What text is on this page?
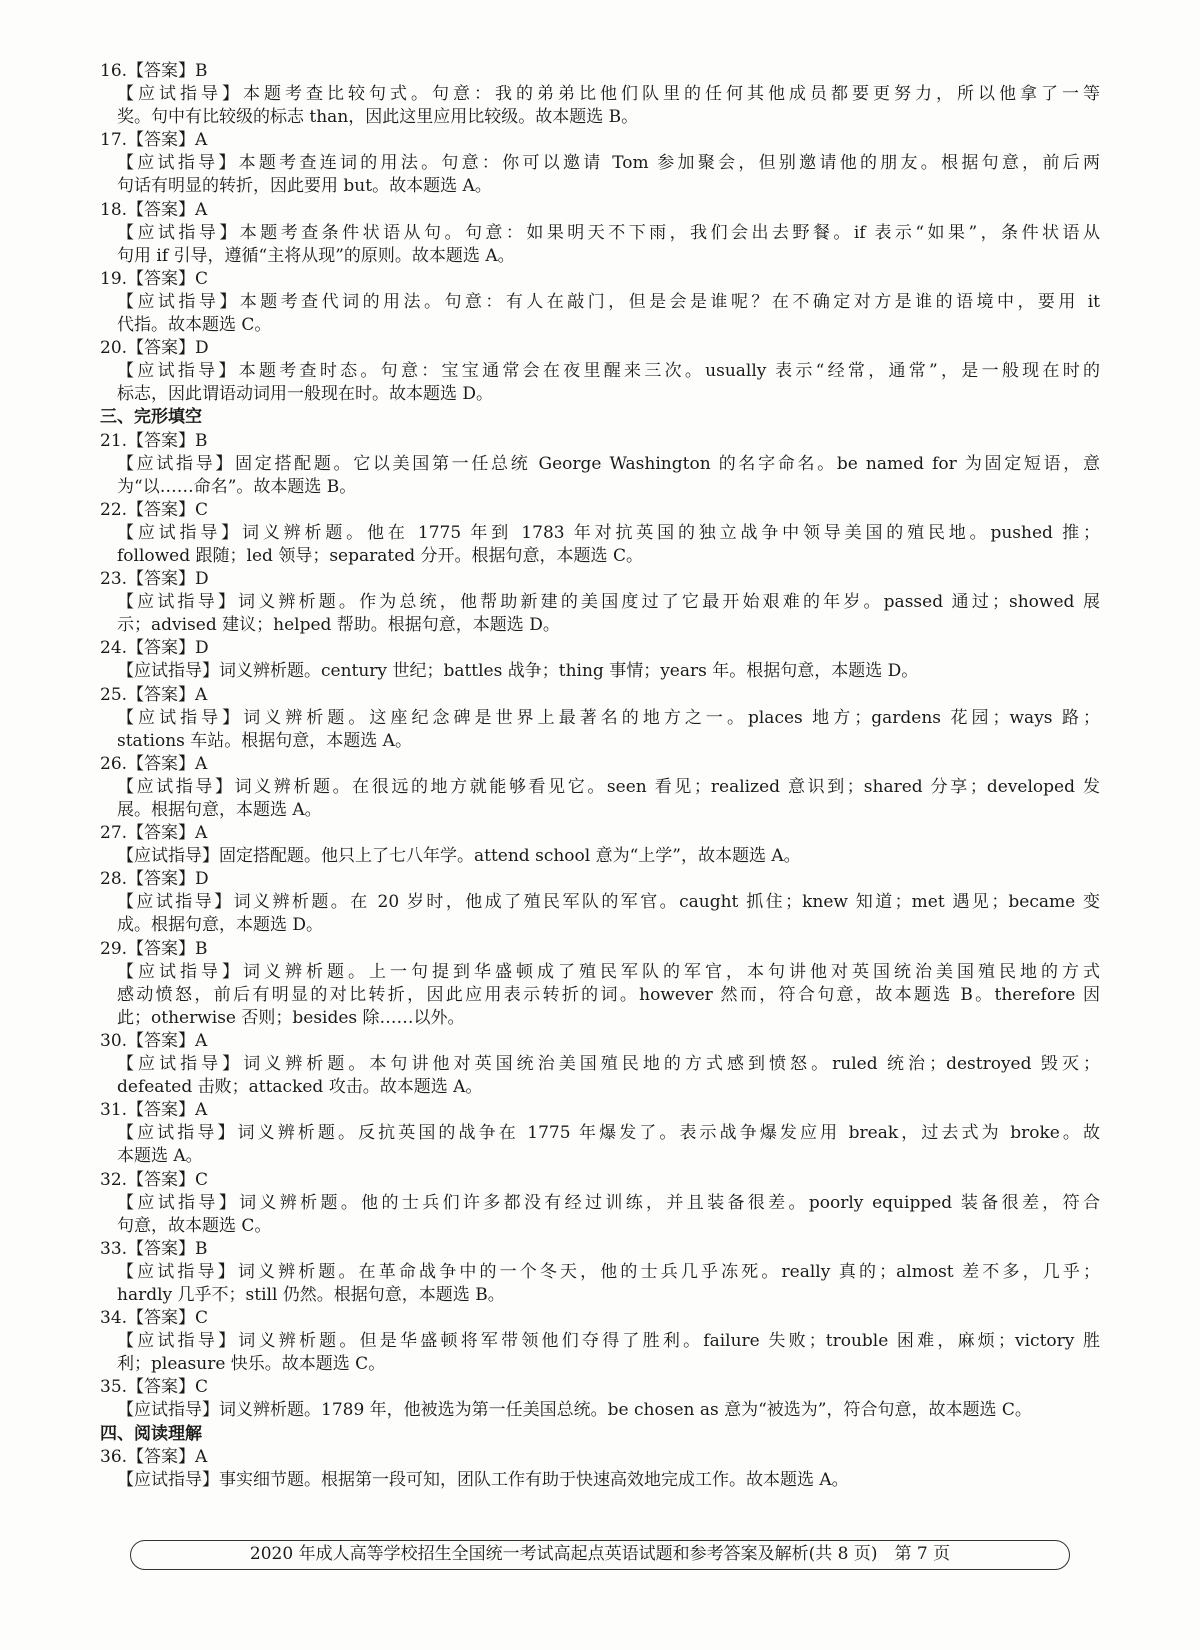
16.【答案】B
【应试指导】本题考查比较句式。句意：我的弟弟比他们队里的任何其他成员都要更努力，所以他拿了一等
奖。句中有比较级的标志 than，因此这里应用比较级。故本题选 B。
17.【答案】A
【应试指导】本题考查连词的用法。句意：你可以邀请 Tom 参加聚会，但别邀请他的朋友。根据句意，前后两
句话有明显的转折，因此要用 but。故本题选 A。
18.【答案】A
【应试指导】本题考查条件状语从句。句意：如果明天不下雨，我们会出去野餐。if 表示“如果”，条件状语从
句用 if 引导，遵循“主将从现”的原则。故本题选 A。
19.【答案】C
【应试指导】本题考查代词的用法。句意：有人在敲门，但是会是谁呢？在不确定对方是谁的语境中，要用 it
代指。故本题选 C。
20.【答案】D
【应试指导】本题考查时态。句意：宝宝通常会在夜里醒来三次。usually 表示“经常，通常”，是一般现在时的
标志，因此谓语动词用一般现在时。故本题选 D。
三、完形填空
21.【答案】B
【应试指导】固定搭配题。它以美国第一任总统 George Washington 的名字命名。be named for 为固定短语，意
为“以……命名”。故本题选 B。
22.【答案】C
【应试指导】词义辨析题。他在 1775 年到 1783 年对抗英国的独立战争中领导美国的殖民地。pushed 推；
followed 跟随；led 领导；separated 分开。根据句意，本题选 C。
23.【答案】D
【应试指导】词义辨析题。作为总统，他帮助新建的美国度过了它最开始艰难的年岁。passed 通过；showed 展
示；advised 建议；helped 帮助。根据句意，本题选 D。
24.【答案】D
【应试指导】词义辨析题。century 世纪；battles 战争；thing 事情；years 年。根据句意，本题选 D。
25.【答案】A
【应试指导】词义辨析题。这座纪念碑是世界上最著名的地方之一。places 地方；gardens 花园；ways 路；
stations 车站。根据句意，本题选 A。
26.【答案】A
【应试指导】词义辨析题。在很远的地方就能够看见它。seen 看见；realized 意识到；shared 分享；developed 发
展。根据句意，本题选 A。
27.【答案】A
【应试指导】固定搭配题。他只上了七八年学。attend school 意为“上学”，故本题选 A。
28.【答案】D
【应试指导】词义辨析题。在 20 岁时，他成了殖民军队的军官。caught 抓住；knew 知道；met 遇见；became 变
成。根据句意，本题选 D。
29.【答案】B
【应试指导】词义辨析题。上一句提到华盛顿成了殖民军队的军官，本句讲他对英国统治美国殖民地的方式
感动愤怒，前后有明显的对比转折，因此应用表示转折的词。however 然而，符合句意，故本题选 B。therefore 因
此；otherwise 否则；besides 除……以外。
30.【答案】A
【应试指导】词义辨析题。本句讲他对英国统治美国殖民地的方式感到愤怒。ruled 统治；destroyed 毁灭；
defeated 击败；attacked 攻击。故本题选 A。
31.【答案】A
【应试指导】词义辨析题。反抗英国的战争在 1775 年爆发了。表示战争爆发应用 break，过去式为 broke。故
本题选 A。
32.【答案】C
【应试指导】词义辨析题。他的士兵们许多都没有经过训练，并且装备很差。poorly equipped 装备很差，符合
句意，故本题选 C。
33.【答案】B
【应试指导】词义辨析题。在革命战争中的一个冬天，他的士兵几乎冻死。really 真的；almost 差不多，几乎；
hardly 几乎不；still 仍然。根据句意，本题选 B。
34.【答案】C
【应试指导】词义辨析题。但是华盛顿将军带领他们夺得了胜利。failure 失败；trouble 困难，麻烦；victory 胜
利；pleasure 快乐。故本题选 C。
35.【答案】C
【应试指导】词义辨析题。1789 年，他被选为第一任美国总统。be chosen as 意为“被选为”，符合句意，故本题选 C。
四、阅读理解
36.【答案】A
【应试指导】事实细节题。根据第一段可知，团队工作有助于快速高效地完成工作。故本题选 A。
2020 年成人高等学校招生全国统一考试高起点英语试题和参考答案及解析(共 8 页)　第 7 页
